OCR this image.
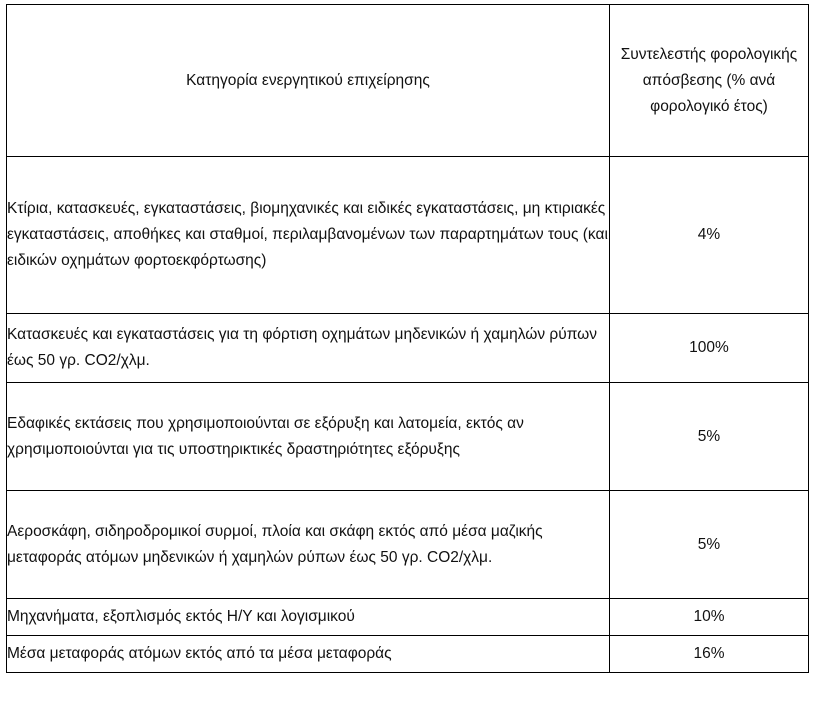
Κατηγορία ενεργητικού επιχείρησης	Συντελεστής φορολογικής απόσβεσης (% ανά φορολογικό έτος)
Κτίρια, κατασκευές, εγκαταστάσεις, βιομηχανικές και ειδικές εγκαταστάσεις, μη κτιριακές εγκαταστάσεις, αποθήκες και σταθμοί, περιλαμβανομένων των παραρτημάτων τους (και ειδικών οχημάτων φορτοεκφόρτωσης)	4%
Κατασκευές και εγκαταστάσεις για τη φόρτιση οχημάτων μηδενικών ή χαμηλών ρύπων έως 50 γρ. CO2/χλμ.	100%
Εδαφικές εκτάσεις που χρησιμοποιούνται σε εξόρυξη και λατομεία, εκτός αν χρησιμοποιούνται για τις υποστηρικτικές δραστηριότητες εξόρυξης	5%
Αεροσκάφη, σιδηροδρομικοί συρμοί, πλοία και σκάφη εκτός από μέσα μαζικής μεταφοράς ατόμων μηδενικών ή χαμηλών ρύπων έως 50 γρ. CO2/χλμ.	5%
Μηχανήματα, εξοπλισμός εκτός Η/Υ και λογισμικού	10%
Μέσα μεταφοράς ατόμων εκτός από τα μέσα μεταφοράς	16%
